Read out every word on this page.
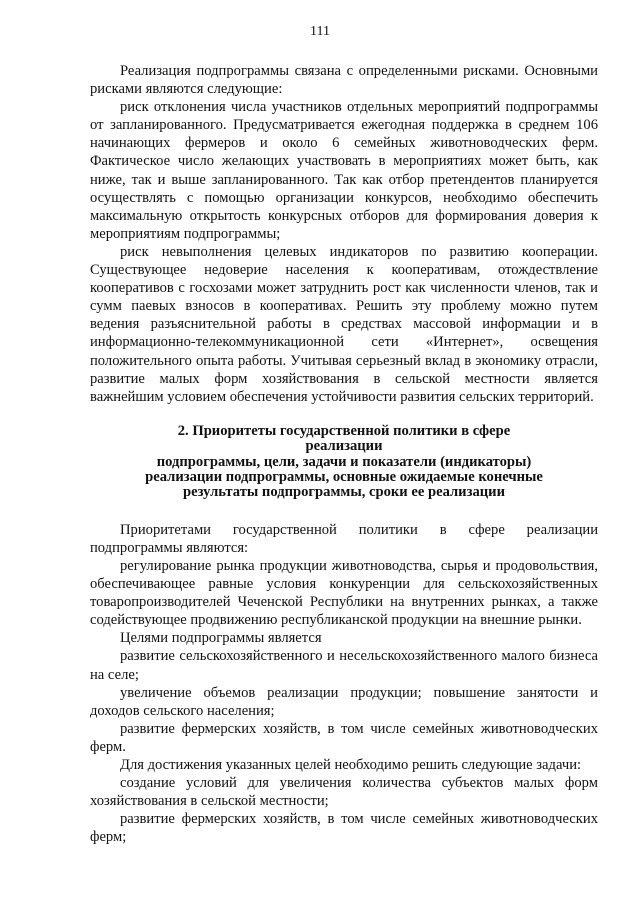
111

Реализация подпрограммы связана с определенными рисками. Основными рисками являются следующие:

риск отклонения числа участников отдельных мероприятий подпрограммы от запланированного. Предусматривается ежегодная поддержка в среднем 106 начинающих фермеров и около 6 семейных животноводческих ферм. Фактическое число желающих участвовать в мероприятиях может быть, как ниже, так и выше запланированного. Так как отбор претендентов планируется осуществлять с помощью организации конкурсов, необходимо обеспечить максимальную открытость конкурсных отборов для формирования доверия к мероприятиям подпрограммы;

риск невыполнения целевых индикаторов по развитию кооперации. Существующее недоверие населения к кооперативам, отождествление кооперативов с госхозами может затруднить рост как численности членов, так и сумм паевых взносов в кооперативах. Решить эту проблему можно путем ведения разъяснительной работы в средствах массовой информации и в информационно-телекоммуникационной сети «Интернет», освещения положительного опыта работы. Учитывая серьезный вклад в экономику отрасли, развитие малых форм хозяйствования в сельской местности является важнейшим условием обеспечения устойчивости развития сельских территорий.

2. Приоритеты государственной политики в сфере реализации
подпрограммы, цели, задачи и показатели (индикаторы)
реализации подпрограммы, основные ожидаемые конечные
результаты подпрограммы, сроки ее реализации

Приоритетами государственной политики в сфере реализации подпрограммы являются:

регулирование рынка продукции животноводства, сырья и продовольствия, обеспечивающее равные условия конкуренции для сельскохозяйственных товаропроизводителей Чеченской Республики на внутренних рынках, а также содействующее продвижению республиканской продукции на внешние рынки.

Целями подпрограммы является

развитие сельскохозяйственного и несельскохозяйственного малого бизнеса на селе;

увеличение объемов реализации продукции; повышение занятости и доходов сельского населения;

развитие фермерских хозяйств, в том числе семейных животноводческих ферм.

Для достижения указанных целей необходимо решить следующие задачи:

создание условий для увеличения количества субъектов малых форм хозяйствования в сельской местности;

развитие фермерских хозяйств, в том числе семейных животноводческих ферм;
